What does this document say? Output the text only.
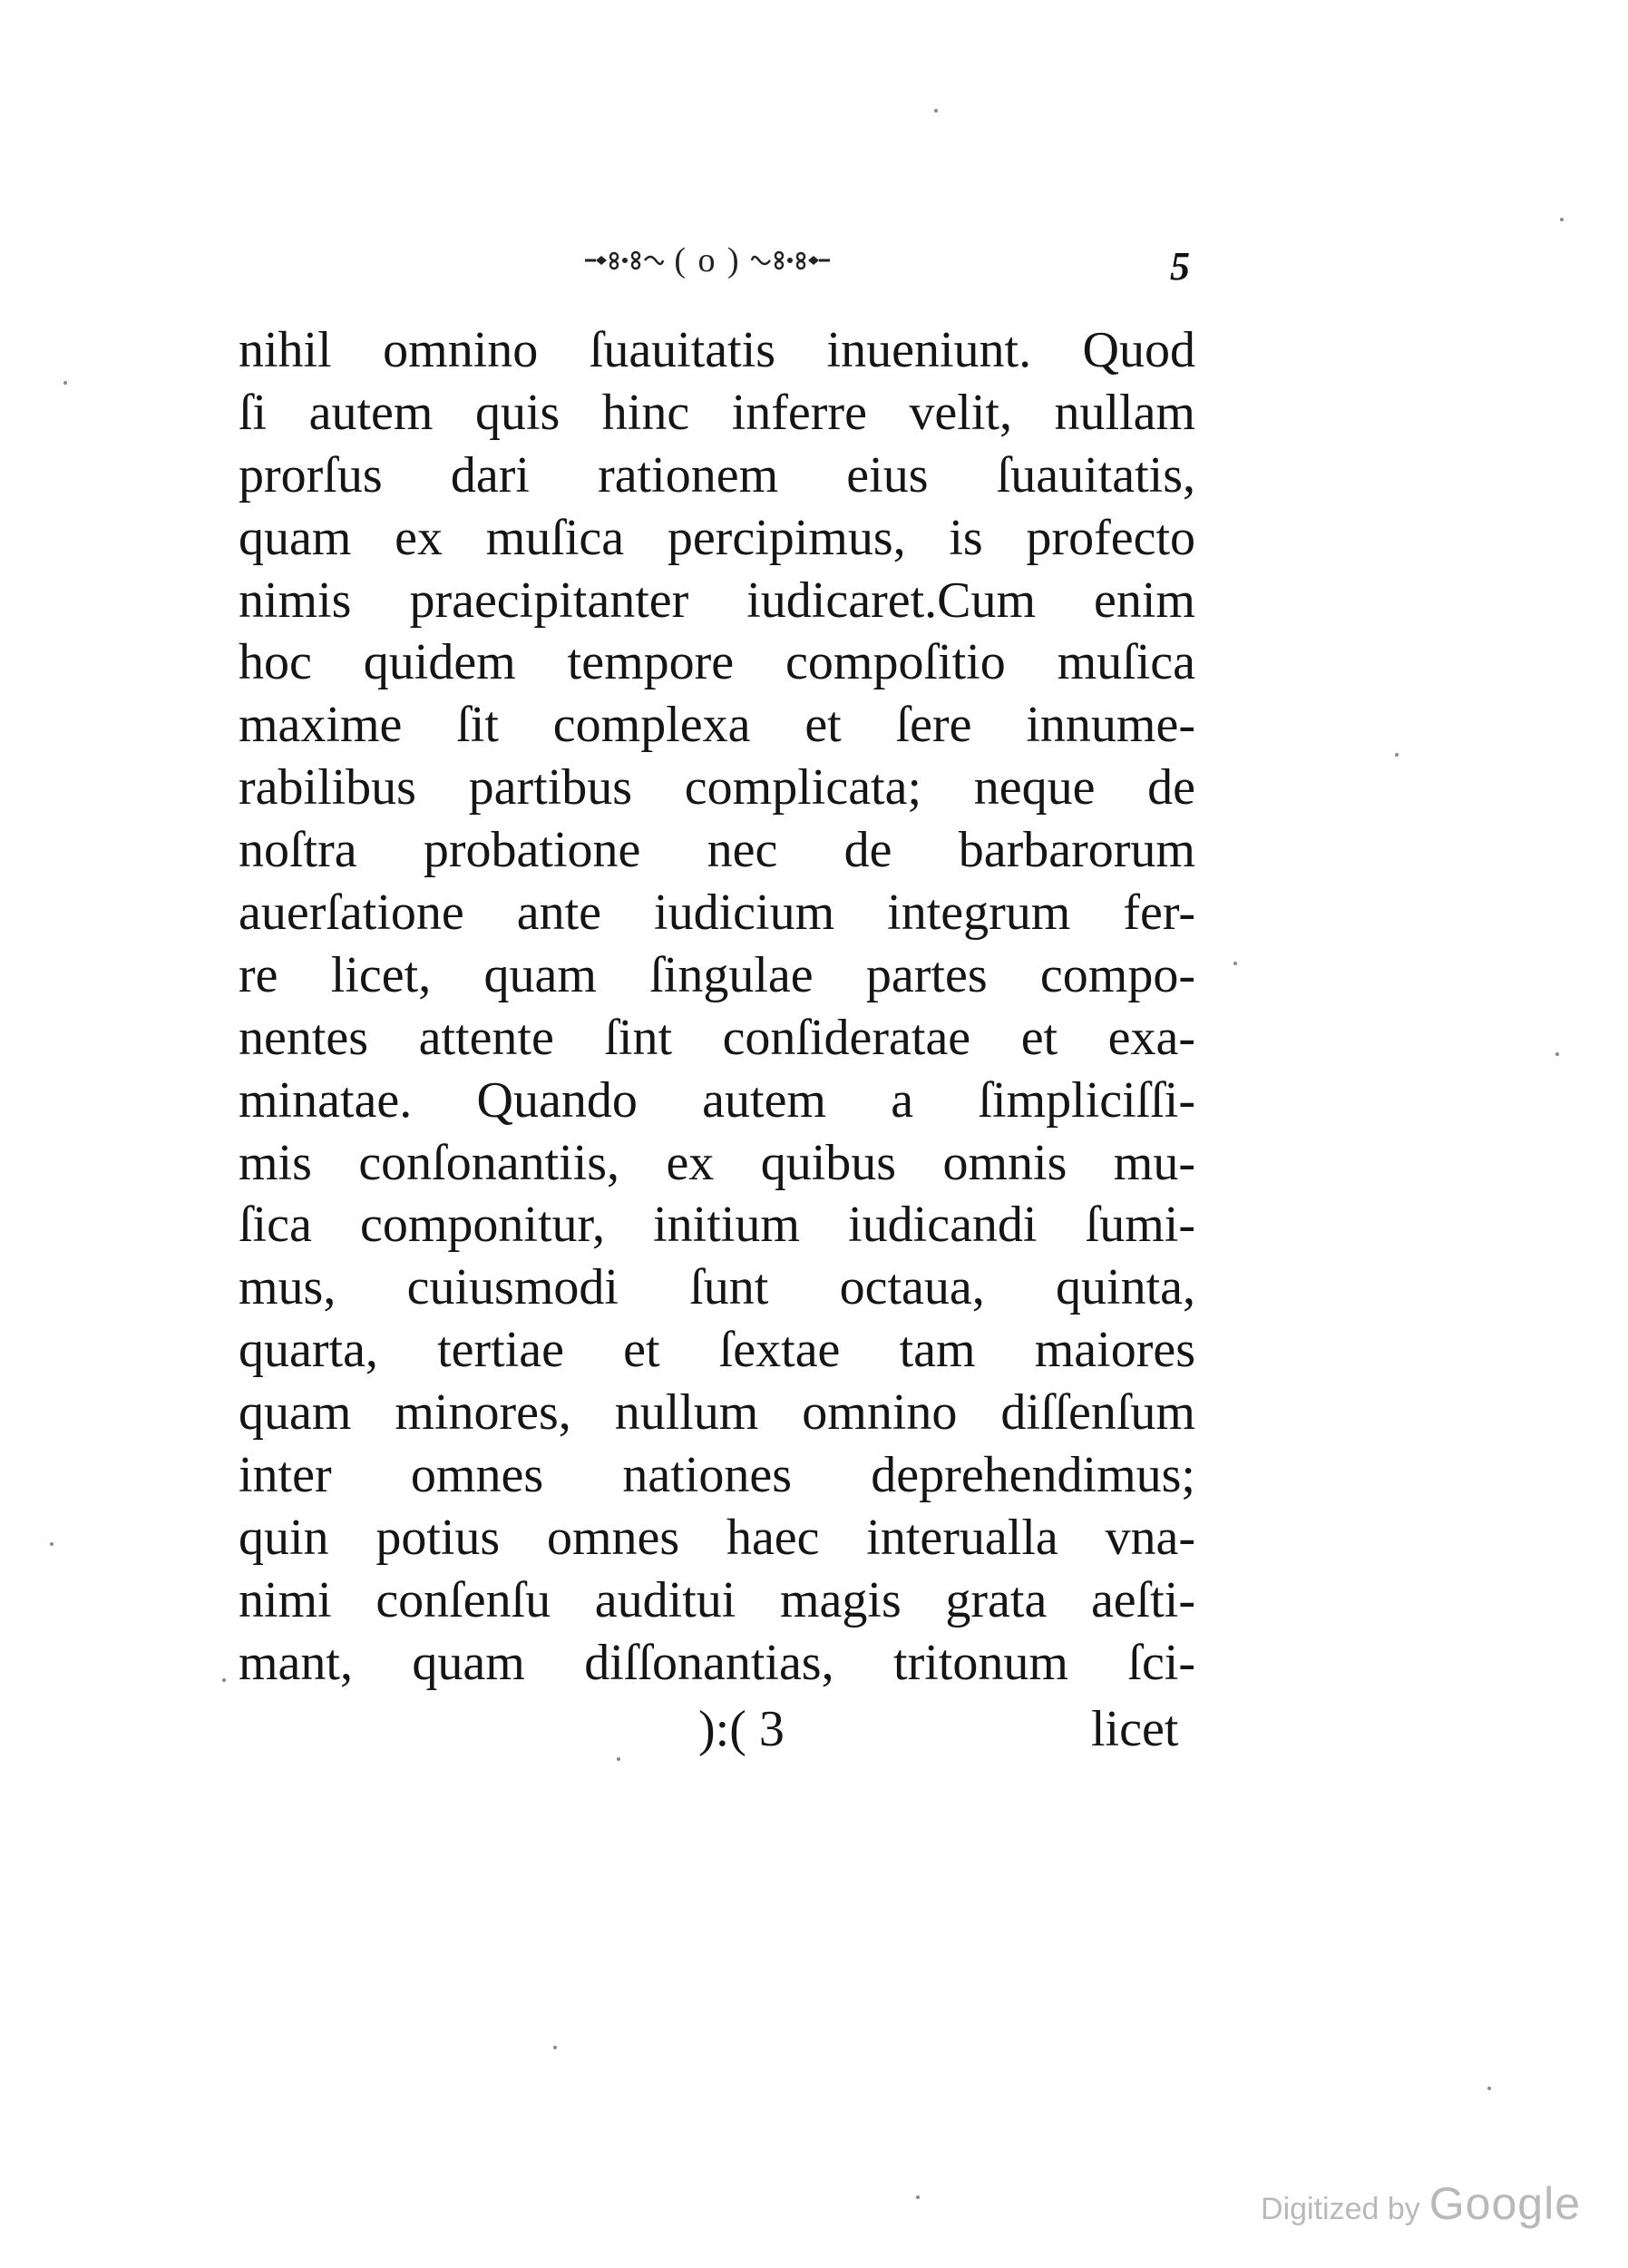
( o )	5
nihil omnino ſuauitatis inueniunt. Quod
ſi autem quis hinc inferre velit, nullam
prorſus dari rationem eius ſuauitatis,
quam ex muſica percipimus, is profecto
nimis praecipitanter iudicaret.Cum enim
hoc quidem tempore compoſitio muſica
maxime ſit complexa et ſere innume-
rabilibus partibus complicata; neque de
noſtra probatione nec de barbarorum
auerſatione ante iudicium integrum fer-
re licet, quam ſingulae partes compo-
nentes attente ſint conſideratae et exa-
minatae. Quando autem a ſimpliciſſi-
mis conſonantiis, ex quibus omnis mu-
ſica componitur, initium iudicandi ſumi-
mus, cuiusmodi ſunt octaua, quinta,
quarta, tertiae et ſextae tam maiores
quam minores, nullum omnino diſſenſum
inter omnes nationes deprehendimus;
quin potius omnes haec interualla vna-
nimi conſenſu auditui magis grata aeſti-
mant, quam diſſonantias, tritonum ſci-
):( 3	licet
Digitized by Google
